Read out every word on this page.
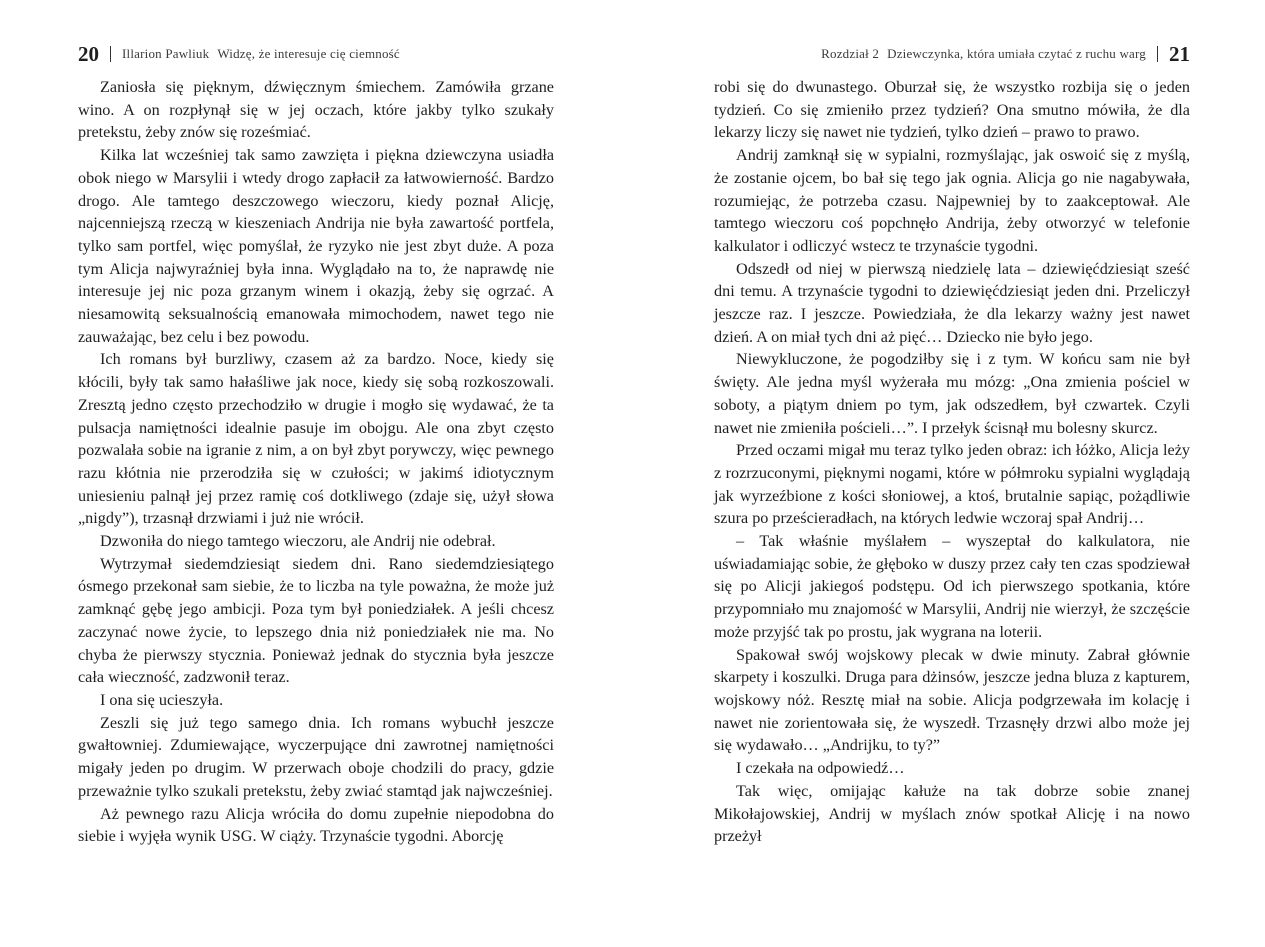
20 Illarion Pawliuk Widzę, że interesuje cię ciemność

Zaniosła się pięknym, dźwięcznym śmiechem. Zamówiła grzane wino. A on rozpłynął się w jej oczach, które jakby tylko szukały pretekstu, żeby znów się roześmiać.

Kilka lat wcześniej tak samo zawzięta i piękna dziewczyna usiadła obok niego w Marsylii i wtedy drogo zapłacił za łatwowierność. Bardzo drogo. Ale tamtego deszczowego wieczoru, kiedy poznał Alicję, najcenniejszą rzeczą w kieszeniach Andrija nie była zawartość portfela, tylko sam portfel, więc pomyślał, że ryzyko nie jest zbyt duże. A poza tym Alicja najwyraźniej była inna. Wyglądało na to, że naprawdę nie interesuje jej nic poza grzanym winem i okazją, żeby się ogrzać. A niesamowitą seksualnością emanowała mimochodem, nawet tego nie zauważając, bez celu i bez powodu.

Ich romans był burzliwy, czasem aż za bardzo. Noce, kiedy się kłócili, były tak samo hałaśliwe jak noce, kiedy się sobą rozkoszowali. Zresztą jedno często przechodziło w drugie i mogło się wydawać, że ta pulsacja namiętności idealnie pasuje im obojgu. Ale ona zbyt często pozwalała sobie na igranie z nim, a on był zbyt porywczy, więc pewnego razu kłótnia nie przerodziła się w czułości; w jakimś idiotycznym uniesieniu palnął jej przez ramię coś dotkliwego (zdaje się, użył słowa „nigdy”), trzasnął drzwiami i już nie wrócił.

Dzwoniła do niego tamtego wieczoru, ale Andrij nie odebrał.

Wytrzymał siedemdziesiąt siedem dni. Rano siedemdziesiątego ósmego przekonał sam siebie, że to liczba na tyle poważna, że może już zamknąć gębę jego ambicji. Poza tym był poniedziałek. A jeśli chcesz zaczynać nowe życie, to lepszego dnia niż poniedziałek nie ma. No chyba że pierwszy stycznia. Ponieważ jednak do stycznia była jeszcze cała wieczność, zadzwonił teraz.

I ona się ucieszyła.

Zeszli się już tego samego dnia. Ich romans wybuchł jeszcze gwałtowniej. Zdumiewające, wyczerpujące dni zawrotnej namiętności migały jeden po drugim. W przerwach oboje chodzili do pracy, gdzie przeważnie tylko szukali pretekstu, żeby zwiać stamtąd jak najwcześniej.

Aż pewnego razu Alicja wróciła do domu zupełnie niepodobna do siebie i wyjęła wynik USG. W ciąży. Trzynaście tygodni. Aborcję

Rozdział 2 Dziewczynka, która umiała czytać z ruchu warg 21

robi się do dwunastego. Oburzał się, że wszystko rozbija się o jeden tydzień. Co się zmieniło przez tydzień? Ona smutno mówiła, że dla lekarzy liczy się nawet nie tydzień, tylko dzień – prawo to prawo.

Andrij zamknął się w sypialni, rozmyślając, jak oswoić się z myślą, że zostanie ojcem, bo bał się tego jak ognia. Alicja go nie nagabywała, rozumiejąc, że potrzeba czasu. Najpewniej by to zaakceptował. Ale tamtego wieczoru coś popchnęło Andrija, żeby otworzyć w telefonie kalkulator i odliczyć wstecz te trzynaście tygodni.

Odszedł od niej w pierwszą niedzielę lata – dziewięćdziesiąt sześć dni temu. A trzynaście tygodni to dziewięćdziesiąt jeden dni. Przeliczył jeszcze raz. I jeszcze. Powiedziała, że dla lekarzy ważny jest nawet dzień. A on miał tych dni aż pięć… Dziecko nie było jego.

Niewykluczone, że pogodziłby się i z tym. W końcu sam nie był święty. Ale jedna myśl wyżerała mu mózg: „Ona zmienia pościel w soboty, a piątym dniem po tym, jak odszedłem, był czwartek. Czyli nawet nie zmieniła pościeli…”. I przełyk ścisnął mu bolesny skurcz.

Przed oczami migał mu teraz tylko jeden obraz: ich łóżko, Alicja leży z rozrzuconymi, pięknymi nogami, które w półmroku sypialni wyglądają jak wyrzeźbione z kości słoniowej, a ktoś, brutalnie sapiąc, pożądliwie szura po prześcieradłach, na których ledwie wczoraj spał Andrij…

– Tak właśnie myślałem – wyszeptał do kalkulatora, nie uświadamiając sobie, że głęboko w duszy przez cały ten czas spodziewał się po Alicji jakiegoś podstępu. Od ich pierwszego spotkania, które przypomniało mu znajomość w Marsylii, Andrij nie wierzył, że szczęście może przyjść tak po prostu, jak wygrana na loterii.

Spakował swój wojskowy plecak w dwie minuty. Zabrał głównie skarpety i koszulki. Druga para dżinsów, jeszcze jedna bluza z kapturem, wojskowy nóż. Resztę miał na sobie. Alicja podgrzewała im kolację i nawet nie zorientowała się, że wyszedł. Trzasnęły drzwi albo może jej się wydawało… „Andrijku, to ty?”

I czekała na odpowiedź…

Tak więc, omijając kałuże na tak dobrze sobie znanej Mikołajowskiej, Andrij w myślach znów spotkał Alicję i na nowo przeżył
